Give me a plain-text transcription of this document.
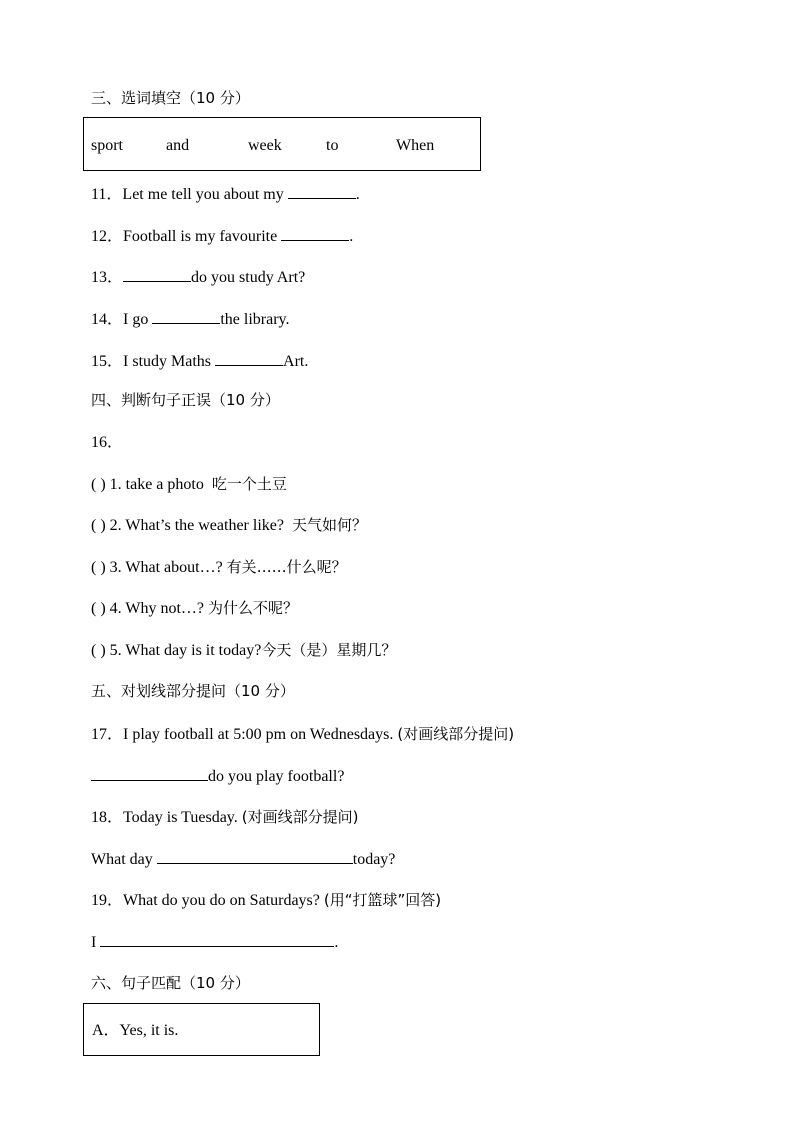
三、选词填空（10 分）
sport	and	week	to	When
11．Let me tell you about my	.
12．Football is my favourite	.
13．	do you study Art?
14．I go	the library.
15．I study Maths	Art.
四、判断句子正误（10 分）
16．
( ) 1. take a photo 吃一个土豆
( ) 2. What’s the weather like? 天气如何？
( ) 3. What about…? 有关……什么呢？
( ) 4. Why not…? 为什么不呢？
( ) 5. What day is it today?今天（是）星期几？
五、对划线部分提问（10 分）
17．I play football at 5:00 pm on Wednesdays. (对画线部分提问)
do you play football?
18．Today is Tuesday. (对画线部分提问)
What day	today?
19．What do you do on Saturdays? (用“打篮球”回答)
I	.
六、句子匹配（10 分）
A．Yes, it is.
